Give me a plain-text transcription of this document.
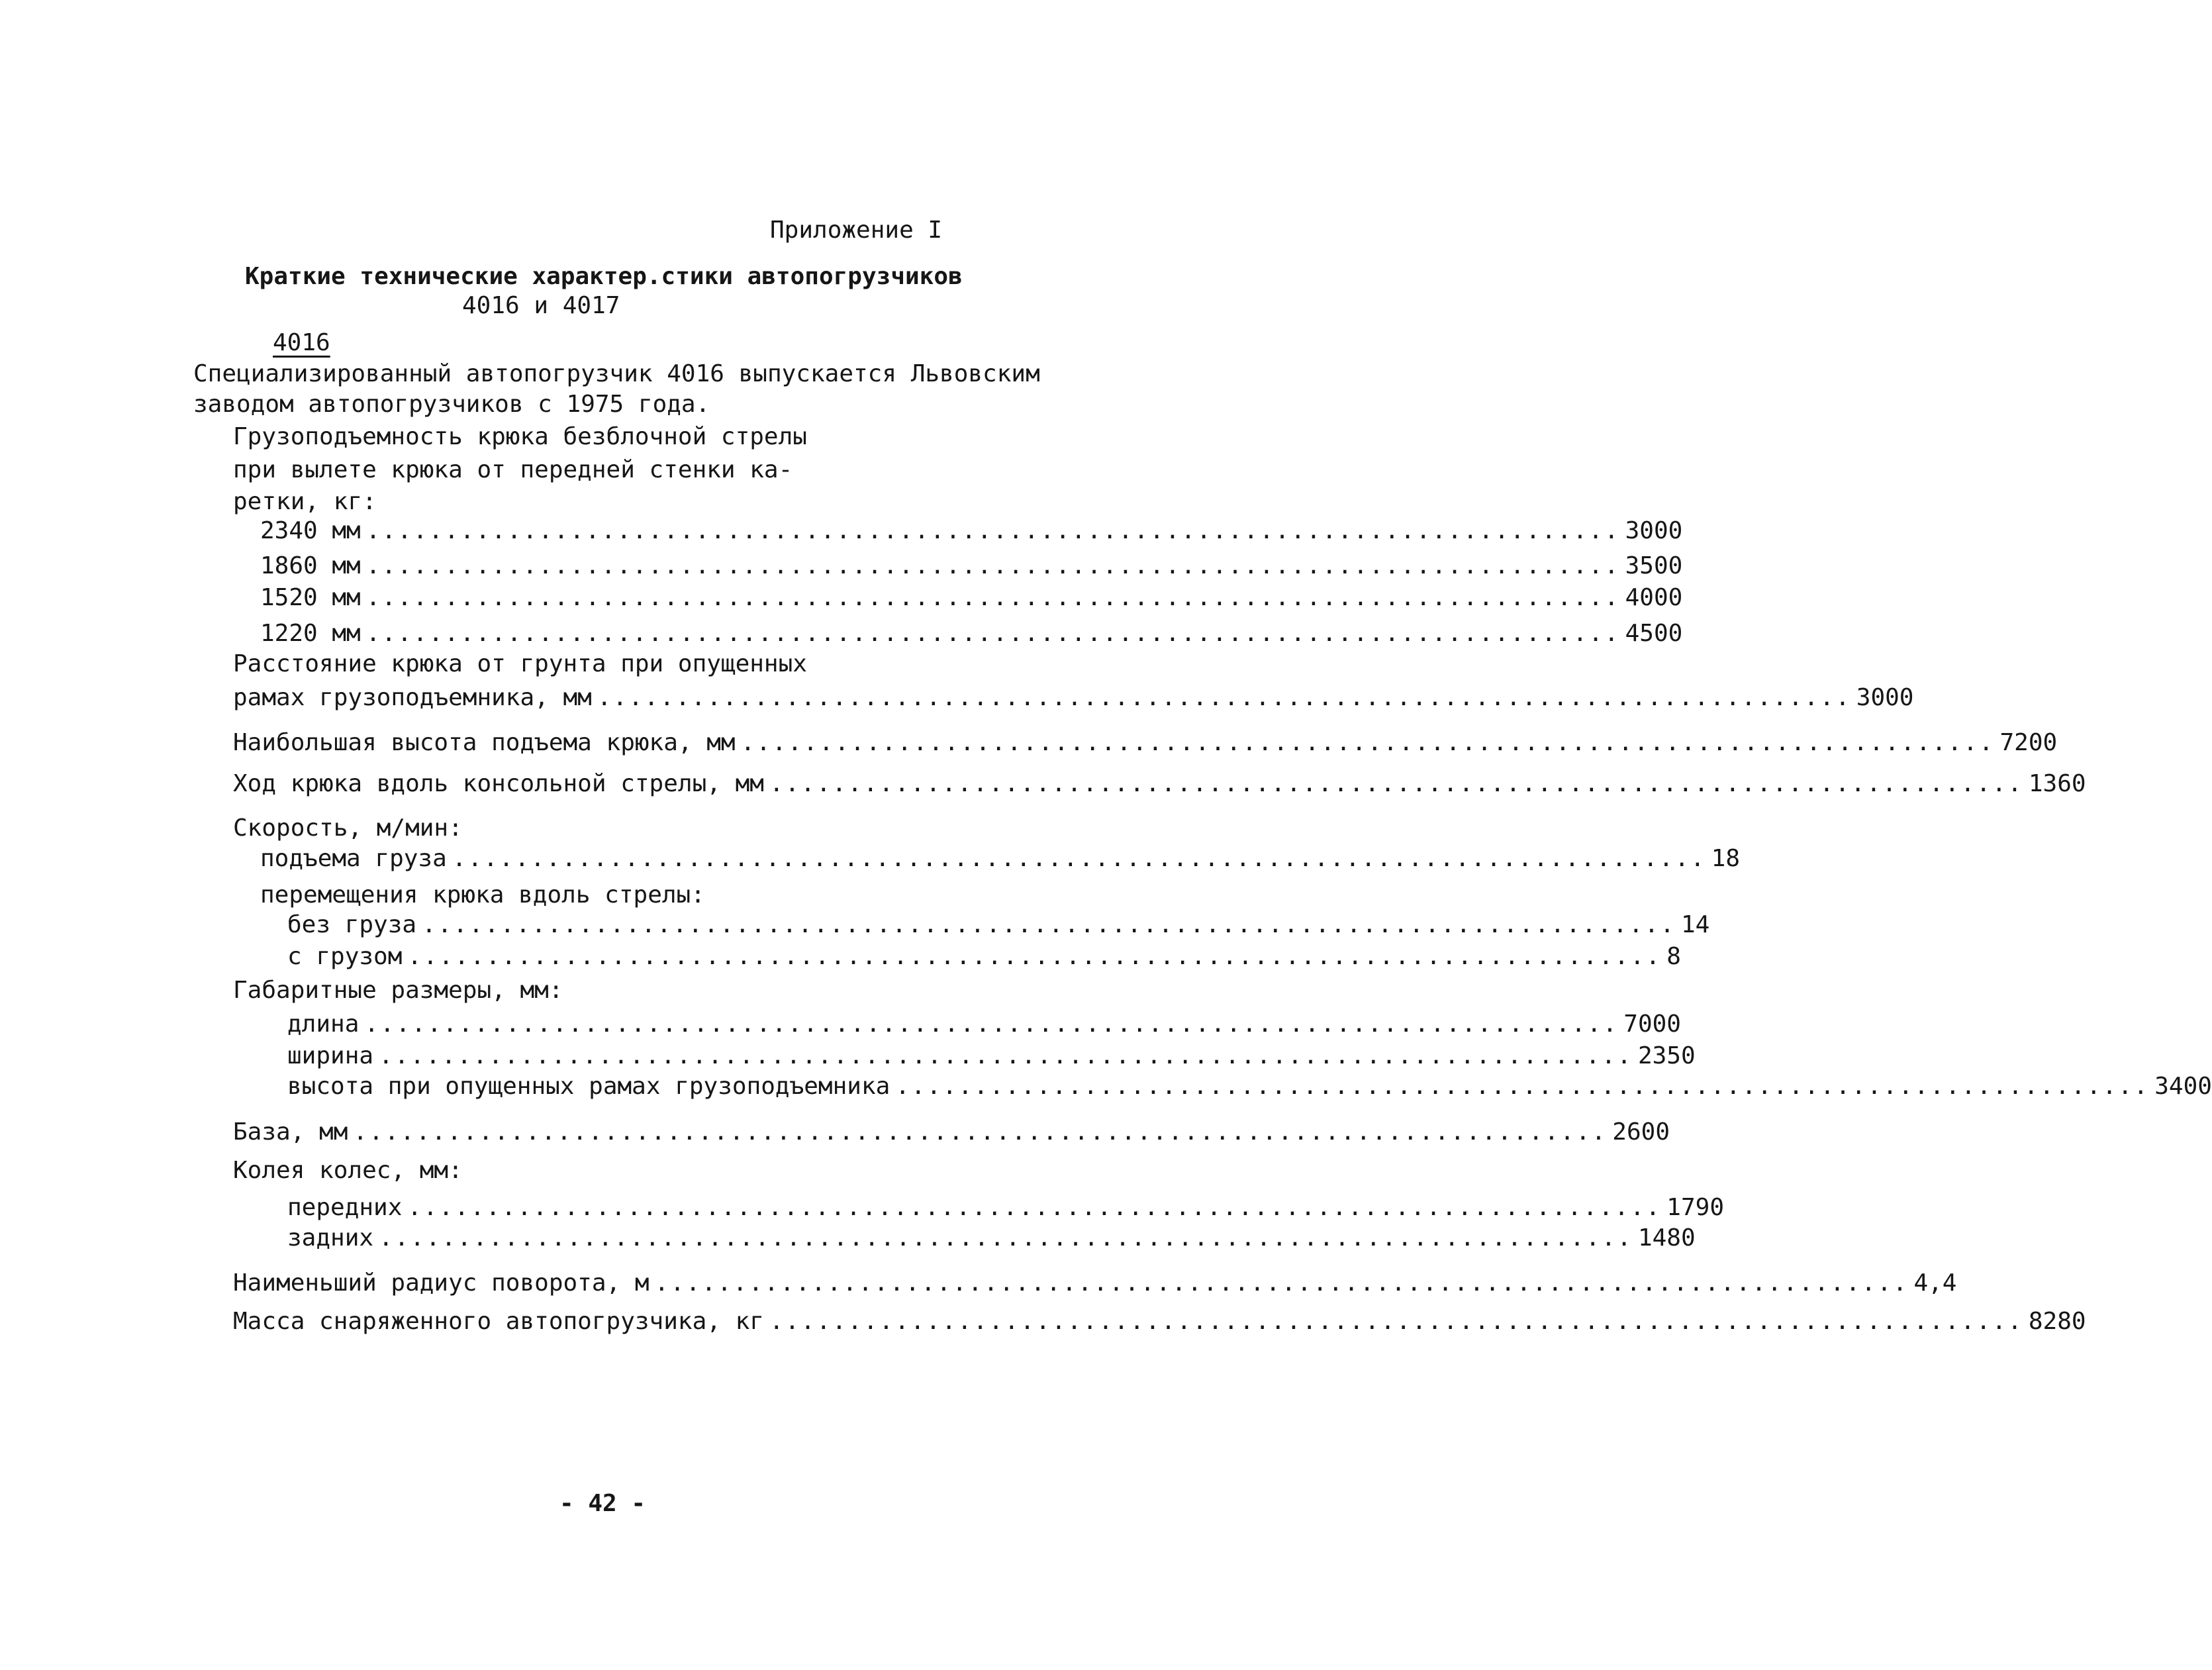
Приложение I
Краткие технические характер.стики автопогрузчиков
4016 и 4017
4016
Специализированный автопогрузчик 4016 выпускается Львовским
заводом автопогрузчиков с 1975 года.
Грузоподъемность крюка безблочной стрелы
при вылете крюка от передней стенки ка-
ретки, кг:
2340 мм ................................................................................ 3000
1860 мм ................................................................................ 3500
1520 мм ................................................................................ 4000
1220 мм ................................................................................ 4500
Расстояние крюка от грунта при опущенных
рамах грузоподъемника, мм ................................................................................ 3000
Наибольшая высота подъема крюка, мм ................................................................................ 7200
Ход крюка вдоль консольной стрелы, мм ................................................................................ 1360
Скорость, м/мин:
подъема груза ................................................................................ 18
перемещения крюка вдоль стрелы:
без груза ................................................................................ 14
с грузом ................................................................................ 8
Габаритные размеры, мм:
длина ................................................................................ 7000
ширина ................................................................................ 2350
высота при опущенных рамах грузоподъемника ................................................................................ 3400
База, мм ................................................................................ 2600
Колея колес, мм:
передних ................................................................................ 1790
задних ................................................................................ 1480
Наименьший радиус поворота, м ................................................................................ 4,4
Масса снаряженного автопогрузчика, кг ................................................................................ 8280
- 42 -
